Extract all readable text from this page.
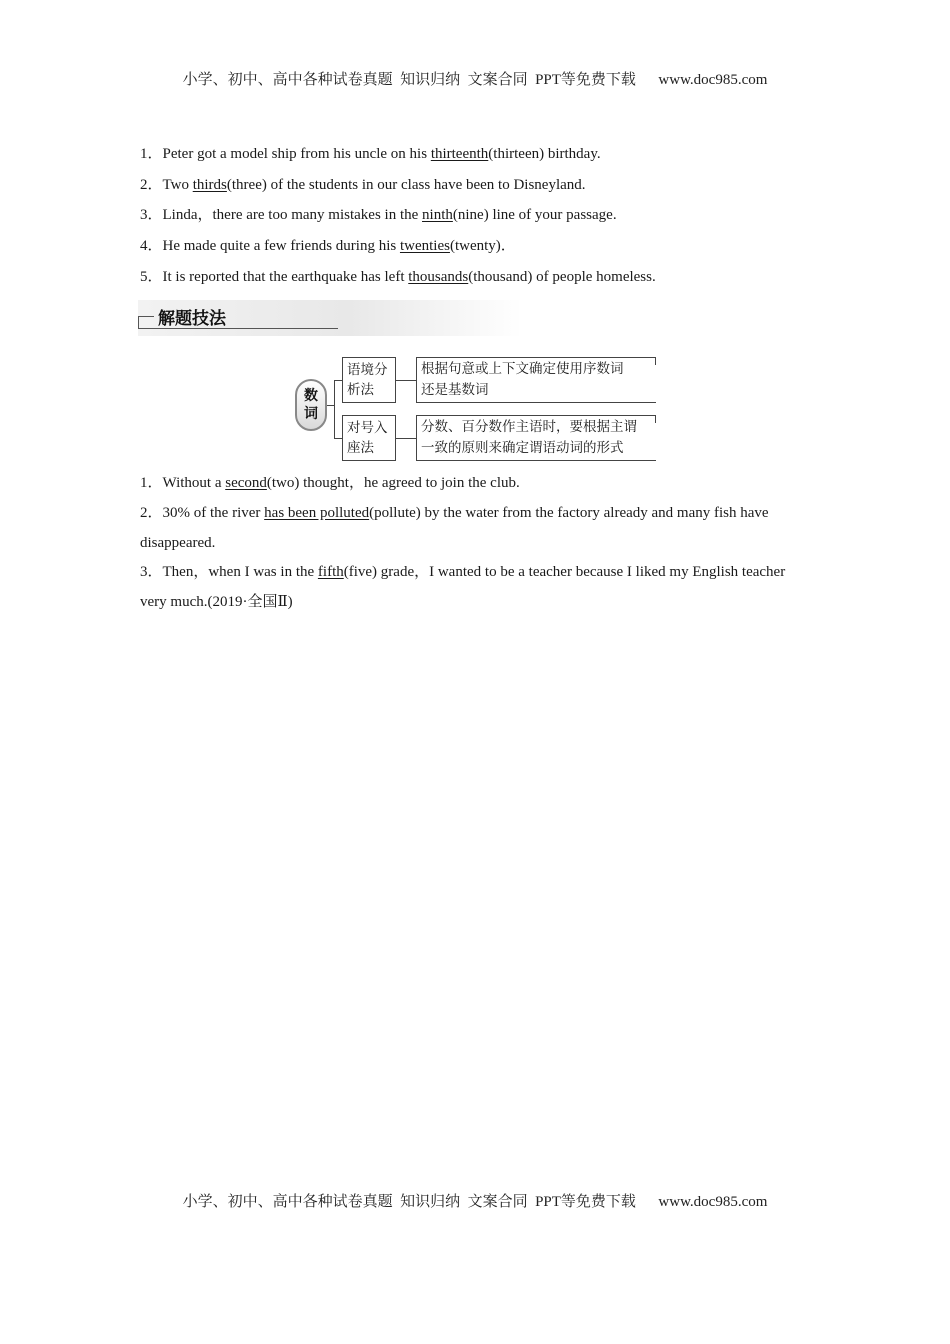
小学、初中、高中各种试卷真题  知识归纳  文案合同  PPT等免费下载      www.doc985.com
1．Peter got a model ship from his uncle on his thirteenth(thirteen) birthday.
2．Two thirds(three) of the students in our class have been to Disneyland.
3．Linda，there are too many mistakes in the ninth(nine) line of your passage.
4．He made quite a few friends during his twenties(twenty)．
5．It is reported that the earthquake has left thousands(thousand) of people homeless.
解题技法
数
词
语境分
析法
根据句意或上下文确定使用序数词
还是基数词
对号入
座法
分数、百分数作主语时，要根据主谓
一致的原则来确定谓语动词的形式
1．Without a second(two) thought，he agreed to join the club.
2．30% of the river has been polluted(pollute) by the water from the factory already and many fish have disappeared.
3．Then，when I was in the fifth(five) grade，I wanted to be a teacher because I liked my English teacher very much.(2019·全国Ⅱ)
小学、初中、高中各种试卷真题  知识归纳  文案合同  PPT等免费下载      www.doc985.com
